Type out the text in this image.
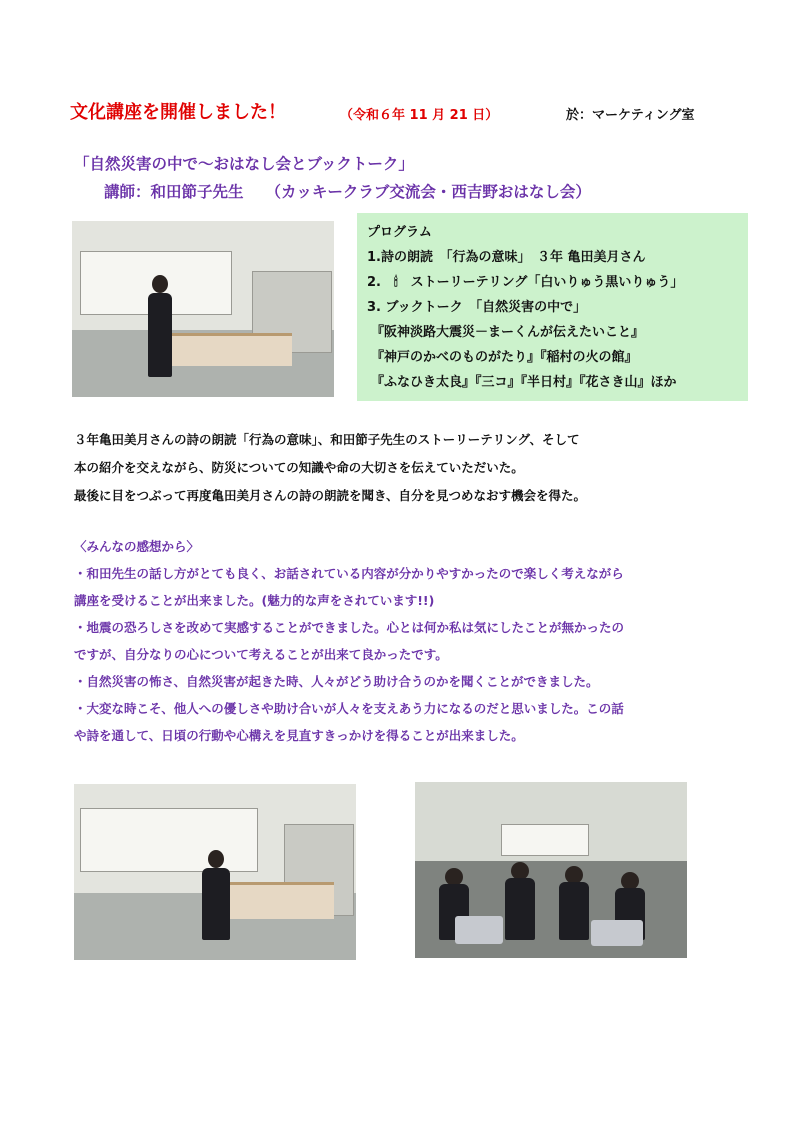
文化講座を開催しました！	（令和６年 11 月 21 日）	於：マーケティング室
「自然災害の中で～おはなし会とブックトーク」
講師：和田節子先生 （カッキークラブ交流会・西吉野おはなし会）
プログラム
1.詩の朗読　「行為の意味」　３年 亀田美月さん
2.　🕯　ストーリーテリング「白いりゅう黒いりゅう」
3. ブックトーク　「自然災害の中で」
『阪神淡路大震災－まーくんが伝えたいこと』
『神戸のかべのものがたり』『稲村の火の館』
『ふなひき太良』『三コ』『半日村』『花さき山』ほか
３年亀田美月さんの詩の朗読「行為の意味」、和田節子先生のストーリーテリング、そして
本の紹介を交えながら、防災についての知識や命の大切さを伝えていただいた。
最後に目をつぶって再度亀田美月さんの詩の朗読を聞き、自分を見つめなおす機会を得た。
〈みんなの感想から〉
・和田先生の話し方がとても良く、お話されている内容が分かりやすかったので楽しく考えながら
講座を受けることが出来ました。(魅力的な声をされています!!)
・地震の恐ろしさを改めて実感することができました。心とは何か私は気にしたことが無かったの
ですが、自分なりの心について考えることが出来て良かったです。
・自然災害の怖さ、自然災害が起きた時、人々がどう助け合うのかを聞くことができました。
・大変な時こそ、他人への優しさや助け合いが人々を支えあう力になるのだと思いました。この話
や詩を通して、日頃の行動や心構えを見直すきっかけを得ることが出来ました。
